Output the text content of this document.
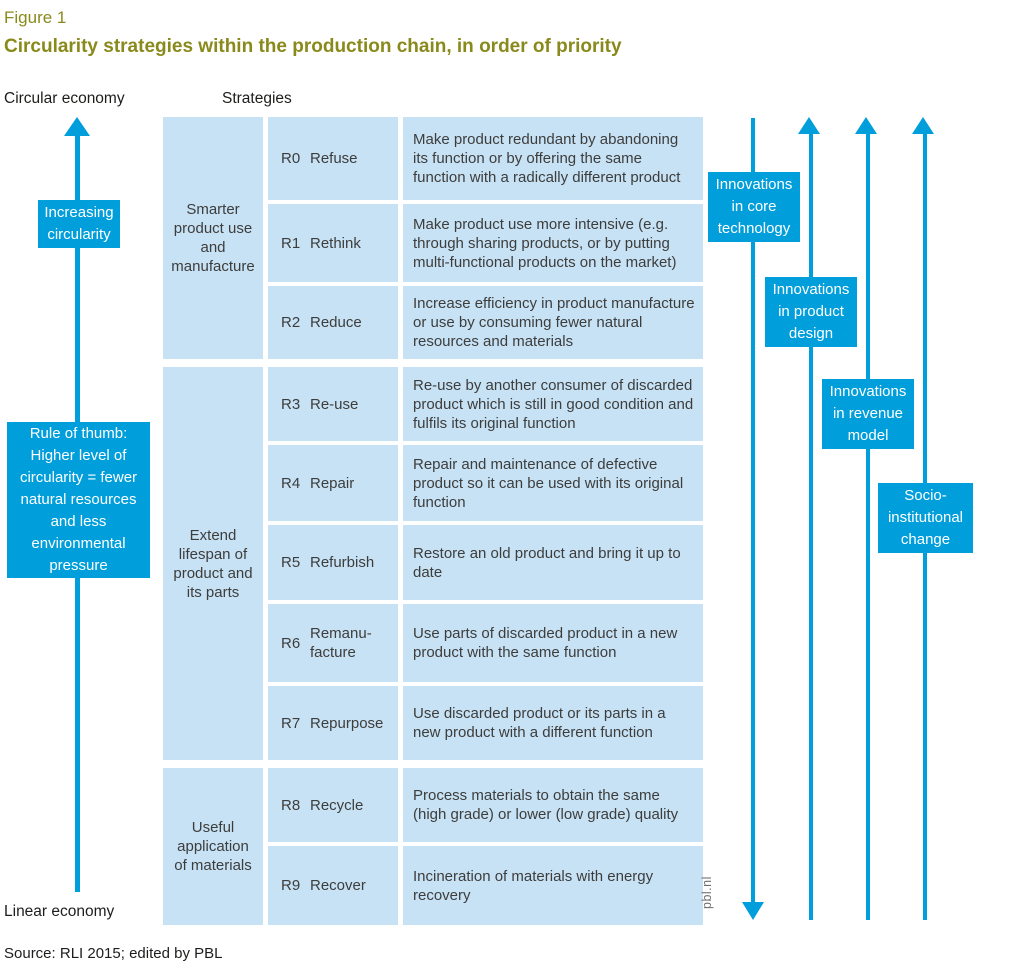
Figure 1
Circularity strategies within the production chain, in order of priority
Circular economy	Strategies
Linear economy
Increasing circularity
Rule of thumb: Higher level of circularity = fewer natural resources and less environmental pressure
Smarter product use and manufacture
Extend lifespan of product and its parts
Useful application of materials
R0 Refuse
R1 Rethink
R2 Reduce
R3 Re-use
R4 Repair
R5 Refurbish
R6
Remanu-facture
R7 Repurpose
R8 Recycle
R9 Recover
Make product redundant by abandoning its function or by offering the same function with a radically different product
Make product use more intensive (e.g. through sharing products, or by putting multi-functional products on the market)
Increase efficiency in product manufacture or use by consuming fewer natural resources and materials
Re-use by another consumer of discarded product which is still in good condition and fulfils its original function
Repair and maintenance of defective product so it can be used with its original function
Restore an old product and bring it up to date
Use parts of discarded product in a new product with the same function
Use discarded product or its parts in a new product with a different function
Process materials to obtain the same (high grade) or lower (low grade) quality
Incineration of materials with energy recovery
Innovations in core technology
Innovations in product design
Innovations in revenue model
Socio-institutional change
pbl.nl
Source: RLI 2015; edited by PBL
